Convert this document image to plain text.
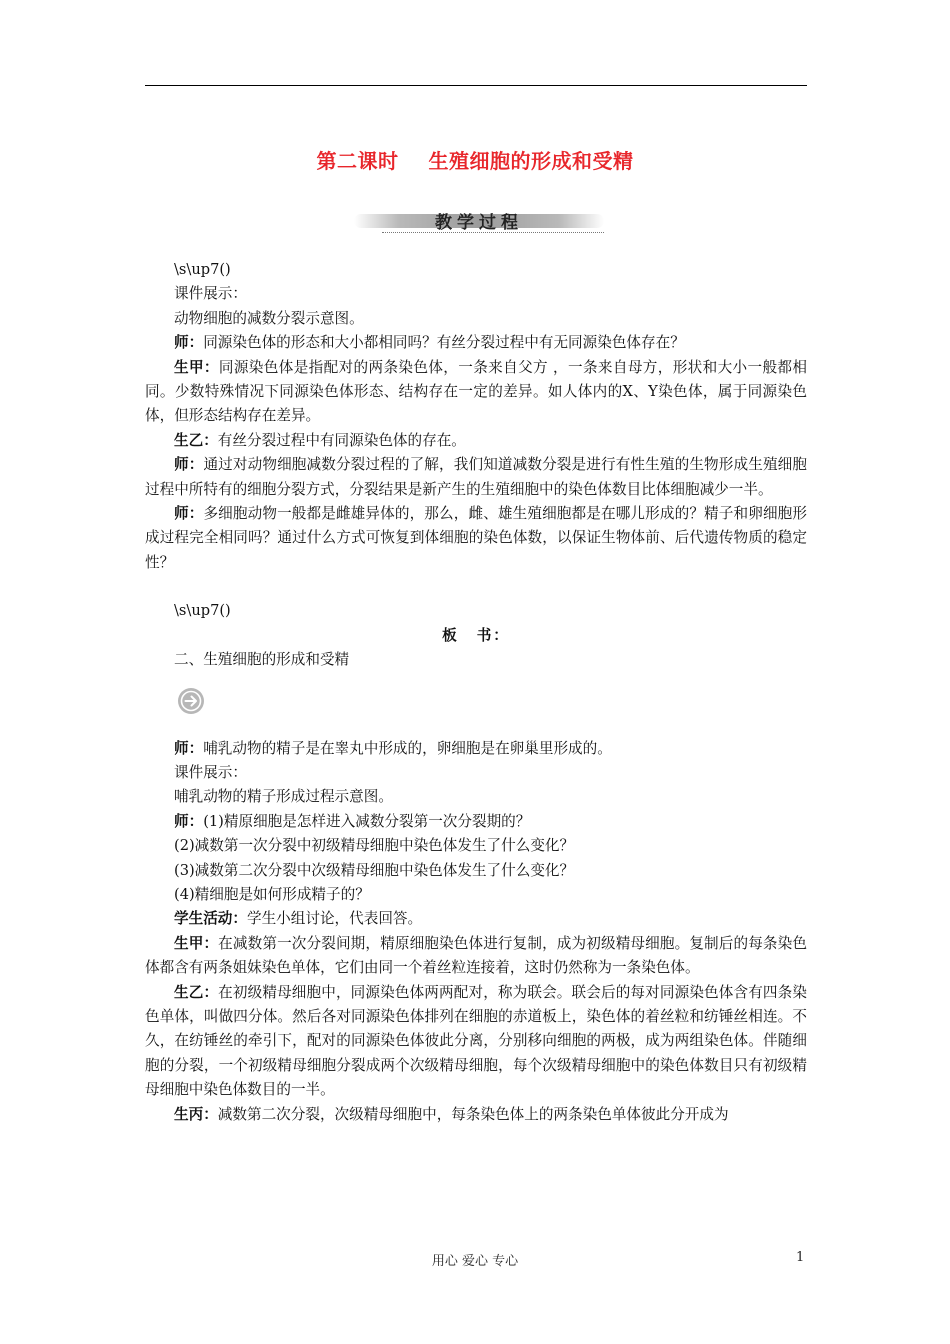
第二课时 生殖细胞的形成和受精
教学过程

\s\up7()

课件展示：

动物细胞的减数分裂示意图。

师：同源染色体的形态和大小都相同吗？有丝分裂过程中有无同源染色体存在？

生甲：同源染色体是指配对的两条染色体，一条来自父方 ，一条来自母方，形状和大小一般都相同。少数特殊情况下同源染色体形态、结构存在一定的差异。如人体内的X、Y染色体，属于同源染色体，但形态结构存在差异。

生乙：有丝分裂过程中有同源染色体的存在。

师：通过对动物细胞减数分裂过程的了解，我们知道减数分裂是进行有性生殖的生物形成生殖细胞过程中所特有的细胞分裂方式，分裂结果是新产生的生殖细胞中的染色体数目比体细胞减少一半。

师：多细胞动物一般都是雌雄异体的，那么，雌、雄生殖细胞都是在哪儿形成的？精子和卵细胞形成过程完全相同吗？通过什么方式可恢复到体细胞的染色体数，以保证生物体前、后代遗传物质的稳定性？

\s\up7()

板 书：

二、生殖细胞的形成和受精

师：哺乳动物的精子是在睾丸中形成的，卵细胞是在卵巢里形成的。

课件展示：

哺乳动物的精子形成过程示意图。

师：(1)精原细胞是怎样进入减数分裂第一次分裂期的？

(2)减数第一次分裂中初级精母细胞中染色体发生了什么变化？

(3)减数第二次分裂中次级精母细胞中染色体发生了什么变化？

(4)精细胞是如何形成精子的？

学生活动：学生小组讨论，代表回答。

生甲：在减数第一次分裂间期，精原细胞染色体进行复制，成为初级精母细胞。复制后的每条染色体都含有两条姐妹染色单体，它们由同一个着丝粒连接着，这时仍然称为一条染色体。

生乙：在初级精母细胞中，同源染色体两两配对，称为联会。联会后的每对同源染色体含有四条染色单体，叫做四分体。然后各对同源染色体排列在细胞的赤道板上，染色体的着丝粒和纺锤丝相连。不久，在纺锤丝的牵引下，配对的同源染色体彼此分离，分别移向细胞的两极，成为两组染色体。伴随细胞的分裂，一个初级精母细胞分裂成两个次级精母细胞，每个次级精母细胞中的染色体数目只有初级精母细胞中染色体数目的一半。

生丙：减数第二次分裂，次级精母细胞中，每条染色体上的两条染色单体彼此分开成为

用心 爱心 专心	1
